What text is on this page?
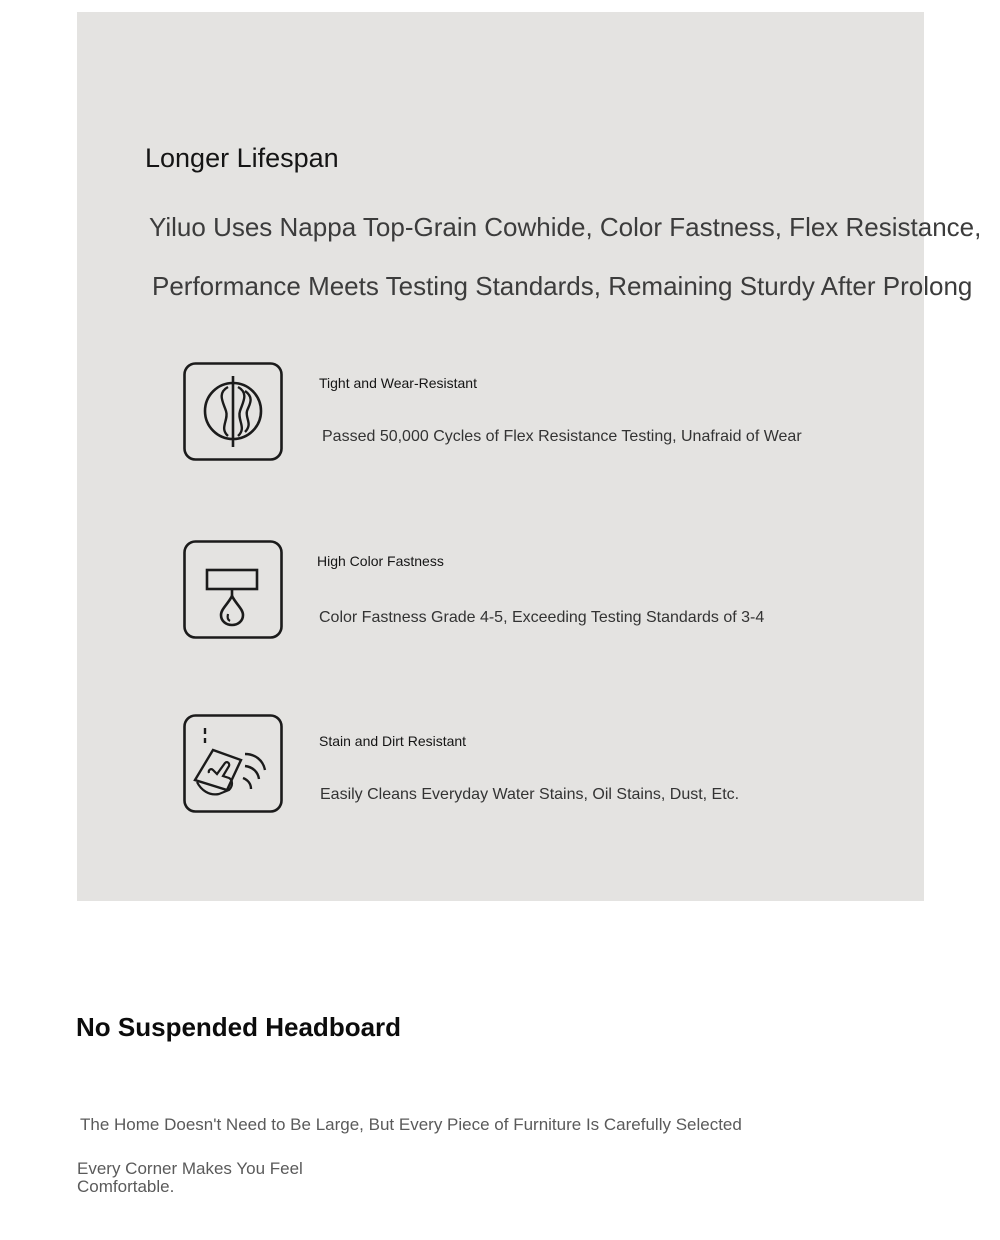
Longer Lifespan
Yiluo Uses Nappa Top-Grain Cowhide, Color Fastness, Flex Resistance,
Performance Meets Testing Standards, Remaining Sturdy After Prolong
Tight and Wear-Resistant
Passed 50,000 Cycles of Flex Resistance Testing, Unafraid of Wear
High Color Fastness
Color Fastness Grade 4-5, Exceeding Testing Standards of 3-4
Stain and Dirt Resistant
Easily Cleans Everyday Water Stains, Oil Stains, Dust, Etc.
No Suspended Headboard
The Home Doesn't Need to Be Large, But Every Piece of Furniture Is Carefully Selected
Every Corner Makes You Feel Comfortable.
